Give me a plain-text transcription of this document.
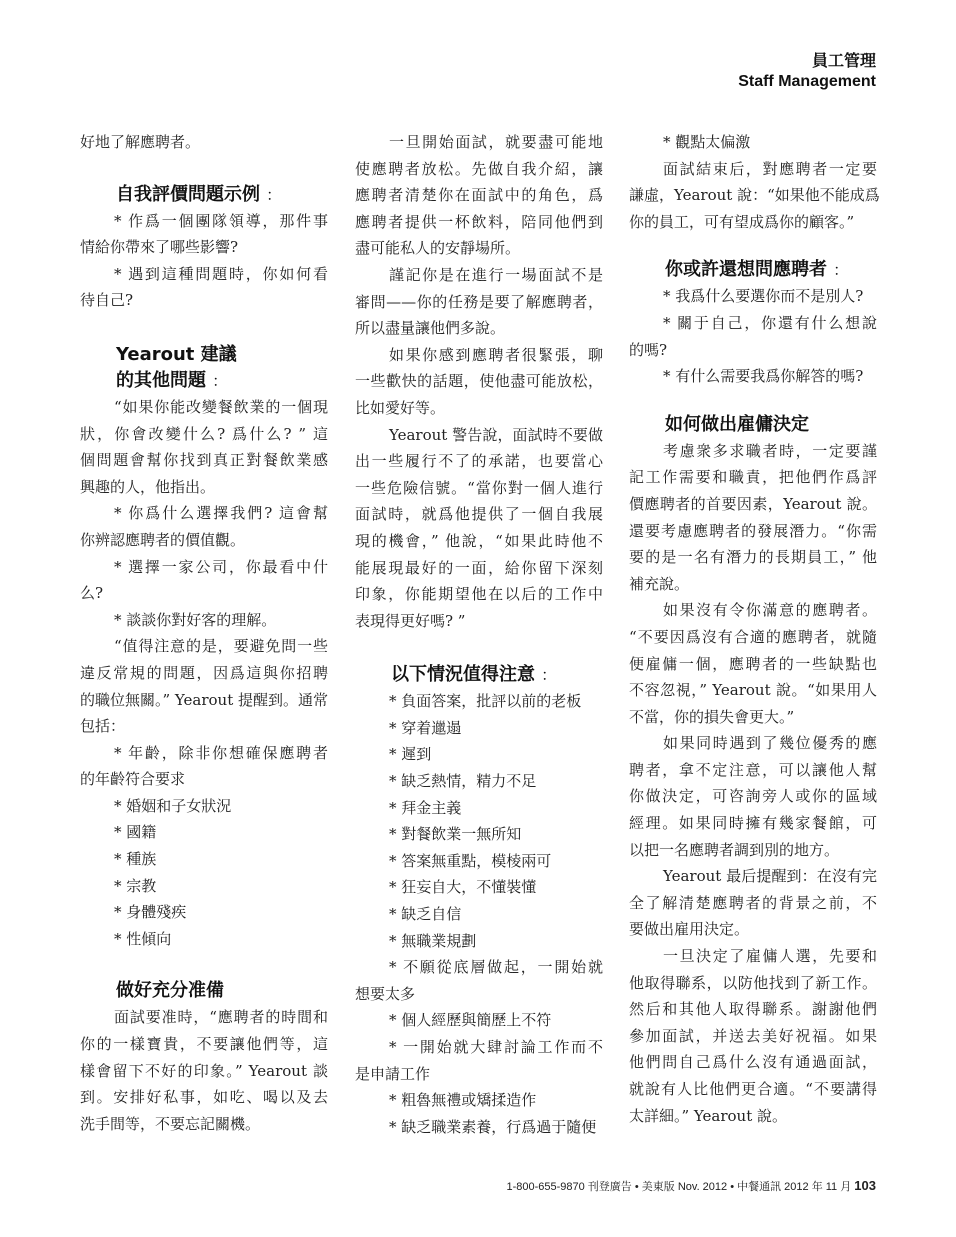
員工管理
Staff Management
好地了解應聘者。
自我評價問題示例 ：
* 作爲一個團隊領導，那件事
情給你帶來了哪些影響?
* 遇到這種問題時，你如何看
待自己?
Yearout 建議
的其他問題 ：
“如果你能改變餐飲業的一個現
狀，你會改變什么? 爲什么? ” 這
個問題會幫你找到真正對餐飲業感
興趣的人，他指出。
* 你爲什么選擇我們? 這會幫
你辨認應聘者的價值觀。
* 選擇一家公司，你最看中什
么?
* 談談你對好客的理解。
“值得注意的是，要避免問一些
違反常規的問題，因爲這與你招聘
的職位無關。” Yearout 提醒到。通常
包括：
* 年齡，除非你想確保應聘者
的年齡符合要求
* 婚姻和子女狀況
* 國籍
* 種族
* 宗教
* 身體殘疾
* 性傾向
做好充分准備
面試要准時，“應聘者的時間和
你的一樣寶貴，不要讓他們等，這
樣會留下不好的印象。” Yearout 談
到。安排好私事，如吃、喝以及去
洗手間等，不要忘記關機。
一旦開始面試，就要盡可能地
使應聘者放松。先做自我介紹，讓
應聘者清楚你在面試中的角色，爲
應聘者提供一杯飲料，陪同他們到
盡可能私人的安靜場所。
謹記你是在進行一場面試不是
審問——你的任務是要了解應聘者，
所以盡量讓他們多說。
如果你感到應聘者很緊張，聊
一些歡快的話題，使他盡可能放松，
比如愛好等。
Yearout 警告說，面試時不要做
出一些履行不了的承諾，也要當心
一些危險信號。“當你對一個人進行
面試時，就爲他提供了一個自我展
現的機會，” 他說，“如果此時他不
能展現最好的一面，給你留下深刻
印象，你能期望他在以后的工作中
表現得更好嗎? ”
以下情況值得注意 ：
* 負面答案，批評以前的老板
* 穿着邋遢
* 遲到
* 缺乏熱情，精力不足
* 拜金主義
* 對餐飲業一無所知
* 答案無重點，模棱兩可
* 狂妄自大，不懂裝懂
* 缺乏自信
* 無職業規劃
* 不願從底層做起，一開始就
想要太多
* 個人經歷與簡歷上不符
* 一開始就大肆討論工作而不
是申請工作
* 粗魯無禮或矯揉造作
* 缺乏職業素養，行爲過于隨便
* 觀點太偏激
面試結束后，對應聘者一定要
謙虛，Yearout 說：“如果他不能成爲
你的員工，可有望成爲你的顧客。”
你或許還想問應聘者 ：
* 我爲什么要選你而不是別人?
* 關于自己，你還有什么想說
的嗎?
* 有什么需要我爲你解答的嗎?
如何做出雇傭決定
考慮衆多求職者時，一定要謹
記工作需要和職責，把他們作爲評
價應聘者的首要因素，Yearout 說。
還要考慮應聘者的發展潛力。“你需
要的是一名有潛力的長期員工，” 他
補充說。
如果沒有令你滿意的應聘者。
“不要因爲沒有合適的應聘者，就隨
便雇傭一個，應聘者的一些缺點也
不容忽視，” Yearout 說。“如果用人
不當，你的損失會更大。”
如果同時遇到了幾位優秀的應
聘者，拿不定注意，可以讓他人幫
你做決定，可咨詢旁人或你的區域
經理。如果同時擁有幾家餐館，可
以把一名應聘者調到別的地方。
Yearout 最后提醒到：在沒有完
全了解清楚應聘者的背景之前，不
要做出雇用決定。
一旦決定了雇傭人選，先要和
他取得聯系，以防他找到了新工作。
然后和其他人取得聯系。謝謝他們
參加面試，并送去美好祝福。如果
他們問自己爲什么沒有通過面試，
就說有人比他們更合適。“不要講得
太詳細。” Yearout 說。
1-800-655-9870 刊登廣告 • 美東版 Nov. 2012 • 中餐通訊 2012 年 11 月 103
